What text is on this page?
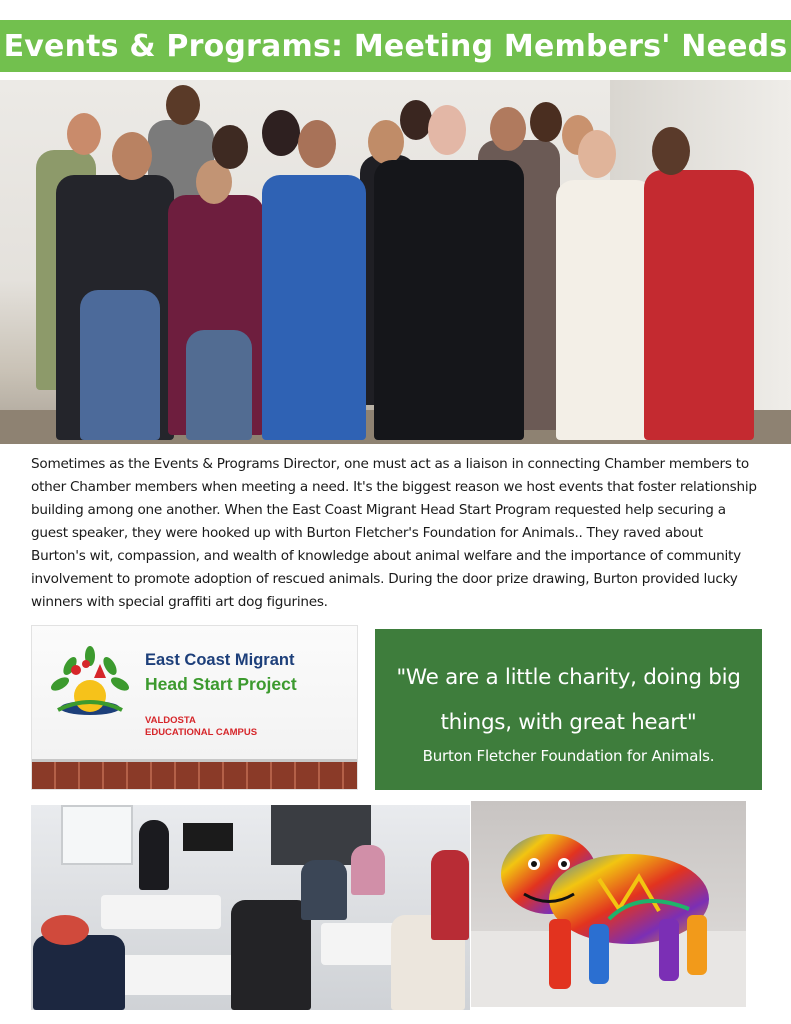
Events & Programs: Meeting Members' Needs

Sometimes as the Events & Programs Director, one must act as a liaison in connecting Chamber members to other Chamber members when meeting a need. It's the biggest reason we host events that foster relationship building among one another. When the East Coast Migrant Head Start Program requested help securing a guest speaker, they were hooked up with Burton Fletcher's Foundation for Animals.. They raved about Burton's wit, compassion, and wealth of knowledge about animal welfare and the importance of community involvement to promote adoption of rescued animals. During the door prize drawing, Burton provided lucky winners with special graffiti art dog figurines.

East Coast Migrant
Head Start Project
VALDOSTA
EDUCATIONAL CAMPUS
"We are a little charity, doing big things, with great heart"
Burton Fletcher Foundation for Animals.
